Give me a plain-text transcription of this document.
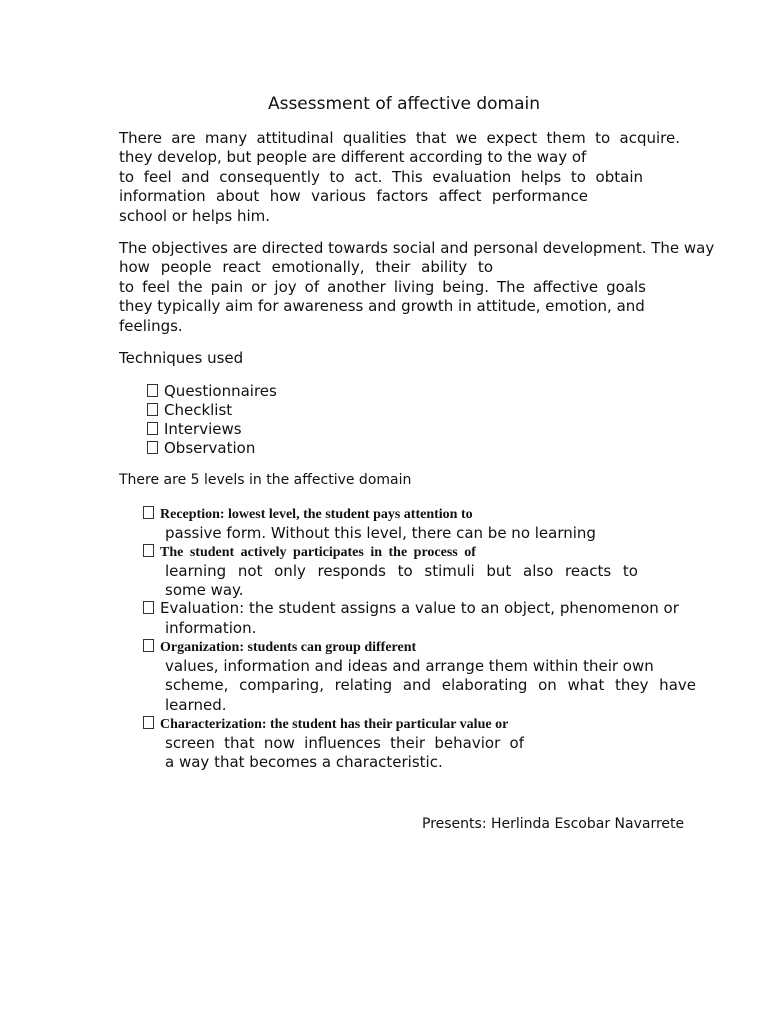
Assessment of affective domain
There are many attitudinal qualities that we expect them to acquire.
they develop, but people are different according to the way of
to feel and consequently to act. This evaluation helps to obtain
information about how various factors affect performance
school or helps him.
The objectives are directed towards social and personal development. The way
how people react emotionally, their ability to
to feel the pain or joy of another living being. The affective goals
they typically aim for awareness and growth in attitude, emotion, and
feelings.
Techniques used
Questionnaires
Checklist
Interviews
Observation
There are 5 levels in the affective domain
Reception: lowest level, the student pays attention to
passive form. Without this level, there can be no learning
The student actively participates in the process of
learning not only responds to stimuli but also reacts to
some way.
Evaluation: the student assigns a value to an object, phenomenon or
information.
Organization: students can group different
values, information and ideas and arrange them within their own
scheme, comparing, relating and elaborating on what they have
learned.
Characterization: the student has their particular value or
screen that now influences their behavior of
a way that becomes a characteristic.
Presents: Herlinda Escobar Navarrete
